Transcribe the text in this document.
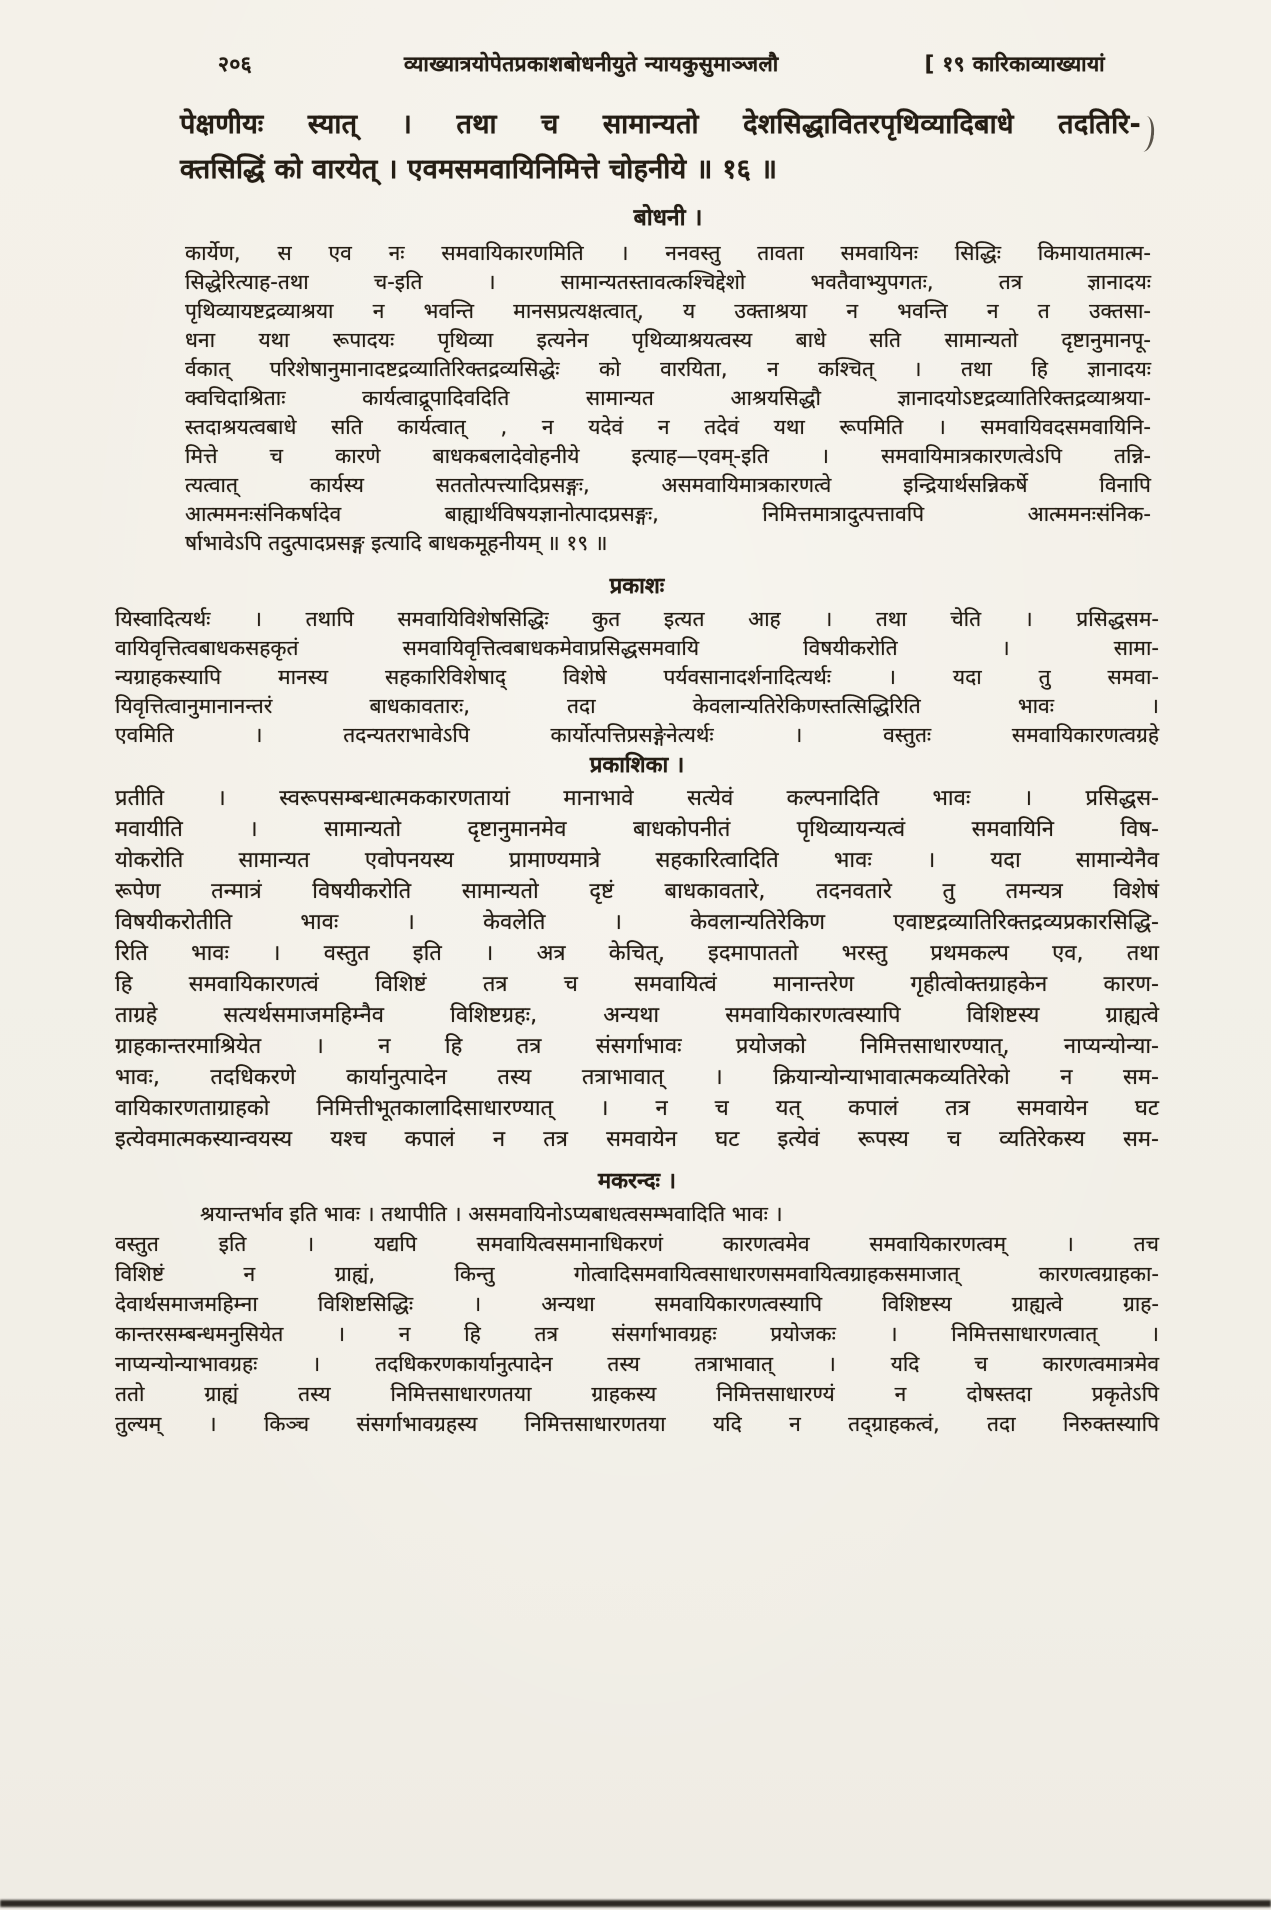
२०६	व्याख्यात्रयोपेतप्रकाशबोधनीयुते न्यायकुसुमाञ्जलौ	[ १९ कारिकाव्याख्यायां
पेक्षणीयः स्यात् । तथा च सामान्यतो देशसिद्धावितरपृथिव्यादिबाधे तदतिरि-
क्तसिद्धिं को वारयेत् । एवमसमवायिनिमित्ते चोहनीये ॥ १६ ॥
बोधनी ।
कार्येण, स एव नः समवायिकारणमिति । ननवस्तु तावता समवायिनः सिद्धिः किमायातमात्म-
सिद्धेरित्याह-तथा च-इति । सामान्यतस्तावत्कश्चिद्देशो भवतैवाभ्युपगतः, तत्र ज्ञानादयः
पृथिव्यायष्टद्रव्याश्रया न भवन्ति मानसप्रत्यक्षत्वात्, य उक्ताश्रया न भवन्ति न त उक्तसा-
धना यथा रूपादयः पृथिव्या इत्यनेन पृथिव्याश्रयत्वस्य बाधे सति सामान्यतो दृष्टानुमानपू-
र्वकात् परिशेषानुमानादष्टद्रव्यातिरिक्तद्रव्यसिद्धेः को वारयिता, न कश्चित् । तथा हि ज्ञानादयः
क्वचिदाश्रिताः कार्यत्वाद्रूपादिवदिति सामान्यत आश्रयसिद्धौ ज्ञानादयोऽष्टद्रव्यातिरिक्तद्रव्याश्रया-
स्तदाश्रयत्वबाधे सति कार्यत्वात् , न यदेवं न तदेवं यथा रूपमिति । समवायिवदसमवायिनि-
मित्ते च कारणे बाधकबलादेवोहनीये इत्याह—एवम्-इति । समवायिमात्रकारणत्वेऽपि तन्नि-
त्यत्वात् कार्यस्य सततोत्पत्त्यादिप्रसङ्गः, असमवायिमात्रकारणत्वे इन्द्रियार्थसन्निकर्षे विनापि
आत्ममनःसंनिकर्षादेव बाह्यार्थविषयज्ञानोत्पादप्रसङ्गः, निमित्तमात्रादुत्पत्तावपि आत्ममनःसंनिक-
र्षाभावेऽपि तदुत्पादप्रसङ्ग इत्यादि बाधकमूहनीयम् ॥ १९ ॥
प्रकाशः
यिस्वादित्यर्थः । तथापि समवायिविशेषसिद्धिः कुत इत्यत आह । तथा चेति । प्रसिद्धसम-
वायिवृत्तित्वबाधकसहकृतं समवायिवृत्तित्वबाधकमेवाप्रसिद्धसमवायि विषयीकरोति । सामा-
न्यग्राहकस्यापि मानस्य सहकारिविशेषाद् विशेषे पर्यवसानादर्शनादित्यर्थः । यदा तु समवा-
यिवृत्तित्वानुमानानन्तरं बाधकावतारः, तदा केवलान्यतिरेकिणस्तत्सिद्धिरिति भावः ।
एवमिति । तदन्यतराभावेऽपि कार्योत्पत्तिप्रसङ्गेनेत्यर्थः । वस्तुतः समवायिकारणत्वग्रहे
प्रकाशिका ।
प्रतीति । स्वरूपसम्बन्धात्मककारणतायां मानाभावे सत्येवं कल्पनादिति भावः । प्रसिद्धस-
मवायीति । सामान्यतो दृष्टानुमानमेव बाधकोपनीतं पृथिव्यायन्यत्वं समवायिनि विष-
योकरोति सामान्यत एवोपनयस्य प्रामाण्यमात्रे सहकारित्वादिति भावः । यदा सामान्येनैव
रूपेण तन्मात्रं विषयीकरोति सामान्यतो दृष्टं बाधकावतारे, तदनवतारे तु तमन्यत्र विशेषं
विषयीकरोतीति भावः । केवलेति । केवलान्यतिरेकिण एवाष्टद्रव्यातिरिक्तद्रव्यप्रकारसिद्धि-
रिति भावः । वस्तुत इति । अत्र केचित्, इदमापाततो भरस्तु प्रथमकल्प एव, तथा
हि समवायिकारणत्वं विशिष्टं तत्र च समवायित्वं मानान्तरेण गृहीत्वोक्तग्राहकेन कारण-
ताग्रहे सत्यर्थसमाजमहिम्नैव विशिष्टग्रहः, अन्यथा समवायिकारणत्वस्यापि विशिष्टस्य ग्राह्यत्वे
ग्राहकान्तरमाश्रियेत । न हि तत्र संसर्गाभावः प्रयोजको निमित्तसाधारण्यात्, नाप्यन्योन्या-
भावः, तदधिकरणे कार्यानुत्पादेन तस्य तत्राभावात् । क्रियान्योन्याभावात्मकव्यतिरेको न सम-
वायिकारणताग्राहको निमित्तीभूतकालादिसाधारण्यात् । न च यत् कपालं तत्र समवायेन घट
इत्येवमात्मकस्यान्वयस्य यश्च कपालं न तत्र समवायेन घट इत्येवं रूपस्य च व्यतिरेकस्य सम-
मकरन्दः ।
श्रयान्तर्भाव इति भावः । तथापीति । असमवायिनोऽप्यबाधत्वसम्भवादिति भावः ।
वस्तुत इति । यद्यपि समवायित्वसमानाधिकरणं कारणत्वमेव समवायिकारणत्वम् । तच
विशिष्टं न ग्राह्यं, किन्तु गोत्वादिसमवायित्वसाधारणसमवायित्वग्राहकसमाजात् कारणत्वग्राहका-
देवार्थसमाजमहिम्ना विशिष्टसिद्धिः । अन्यथा समवायिकारणत्वस्यापि विशिष्टस्य ग्राह्यत्वे ग्राह-
कान्तरसम्बन्धमनुसियेत । न हि तत्र संसर्गाभावग्रहः प्रयोजकः । निमित्तसाधारणत्वात् ।
नाप्यन्योन्याभावग्रहः । तदधिकरणकार्यानुत्पादेन तस्य तत्राभावात् । यदि च कारणत्वमात्रमेव
ततो ग्राह्यं तस्य निमित्तसाधारणतया ग्राहकस्य निमित्तसाधारण्यं न दोषस्तदा प्रकृतेऽपि
तुल्यम् । किञ्च संसर्गाभावग्रहस्य निमित्तसाधारणतया यदि न तद्ग्राहकत्वं, तदा निरुक्तस्यापि
